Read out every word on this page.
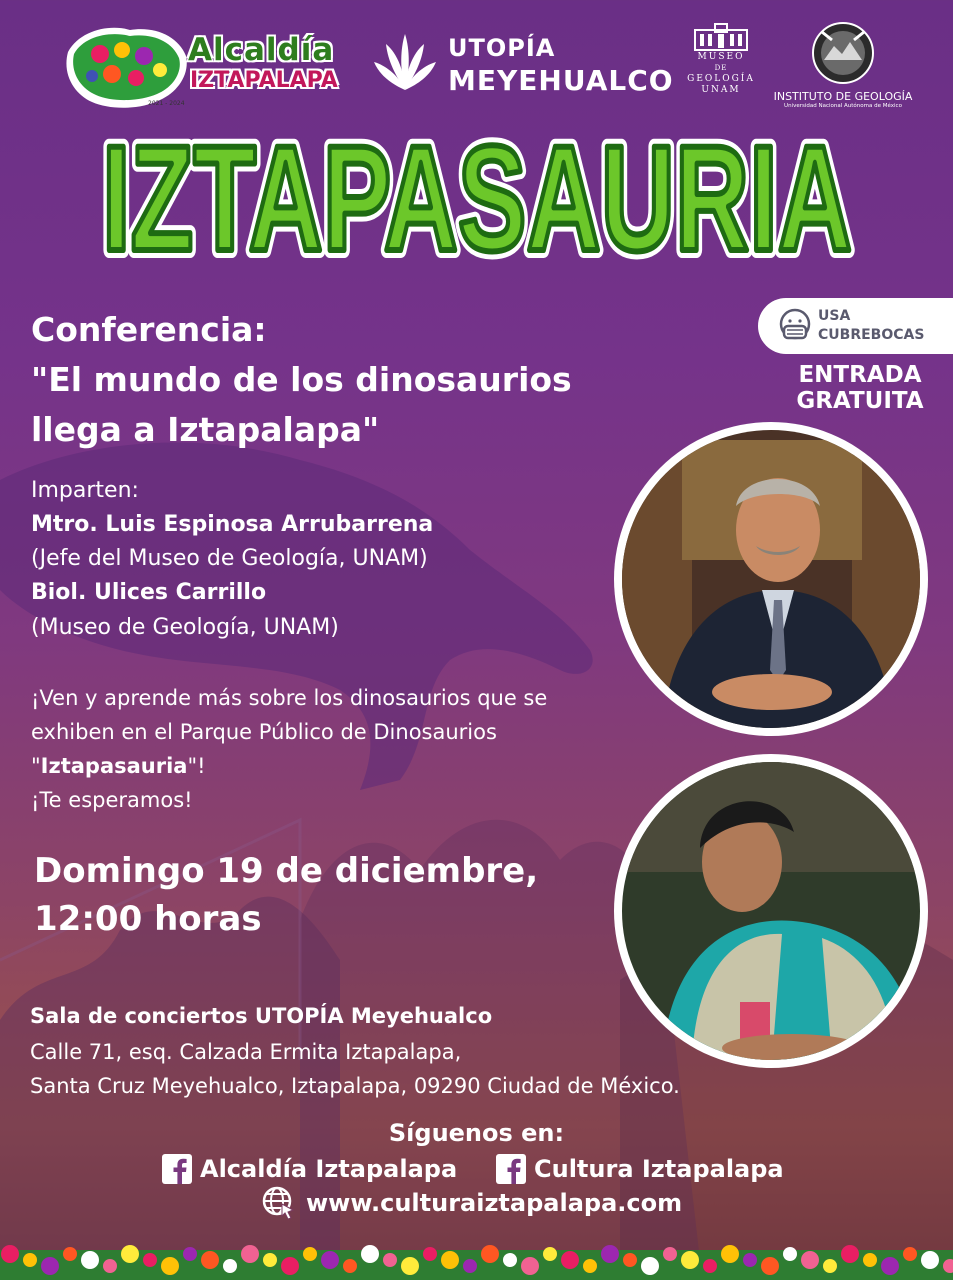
Alcaldía
IZTAPALAPA
2021 - 2024
UTOPÍA
MEYEHUALCO
MUSEO
DE
GEOLOGÍA
UNAM	INSTITUTO DE GEOLOGÍA
Universidad Nacional Autónoma de México
IZTAPASAURIA
IZTAPASAURIA
Conferencia:
"El mundo de los dinosaurios
llega a Iztapalapa"
Imparten:
Mtro. Luis Espinosa Arrubarrena
(Jefe del Museo de Geología, UNAM)
Biol. Ulices Carrillo
(Museo de Geología, UNAM)
¡Ven y aprende más sobre los dinosaurios que se
exhiben en el Parque Público de Dinosaurios
"Iztapasauria"!
¡Te esperamos!
Domingo 19 de diciembre,
12:00 horas
Sala de conciertos UTOPÍA Meyehualco
Calle 71, esq. Calzada Ermita Iztapalapa,
Santa Cruz Meyehualco, Iztapalapa, 09290 Ciudad de México.
USA
CUBREBOCAS
ENTRADA
GRATUITA
Síguenos en:
Alcaldía Iztapalapa	Cultura Iztapalapa
www.culturaiztapalapa.com
